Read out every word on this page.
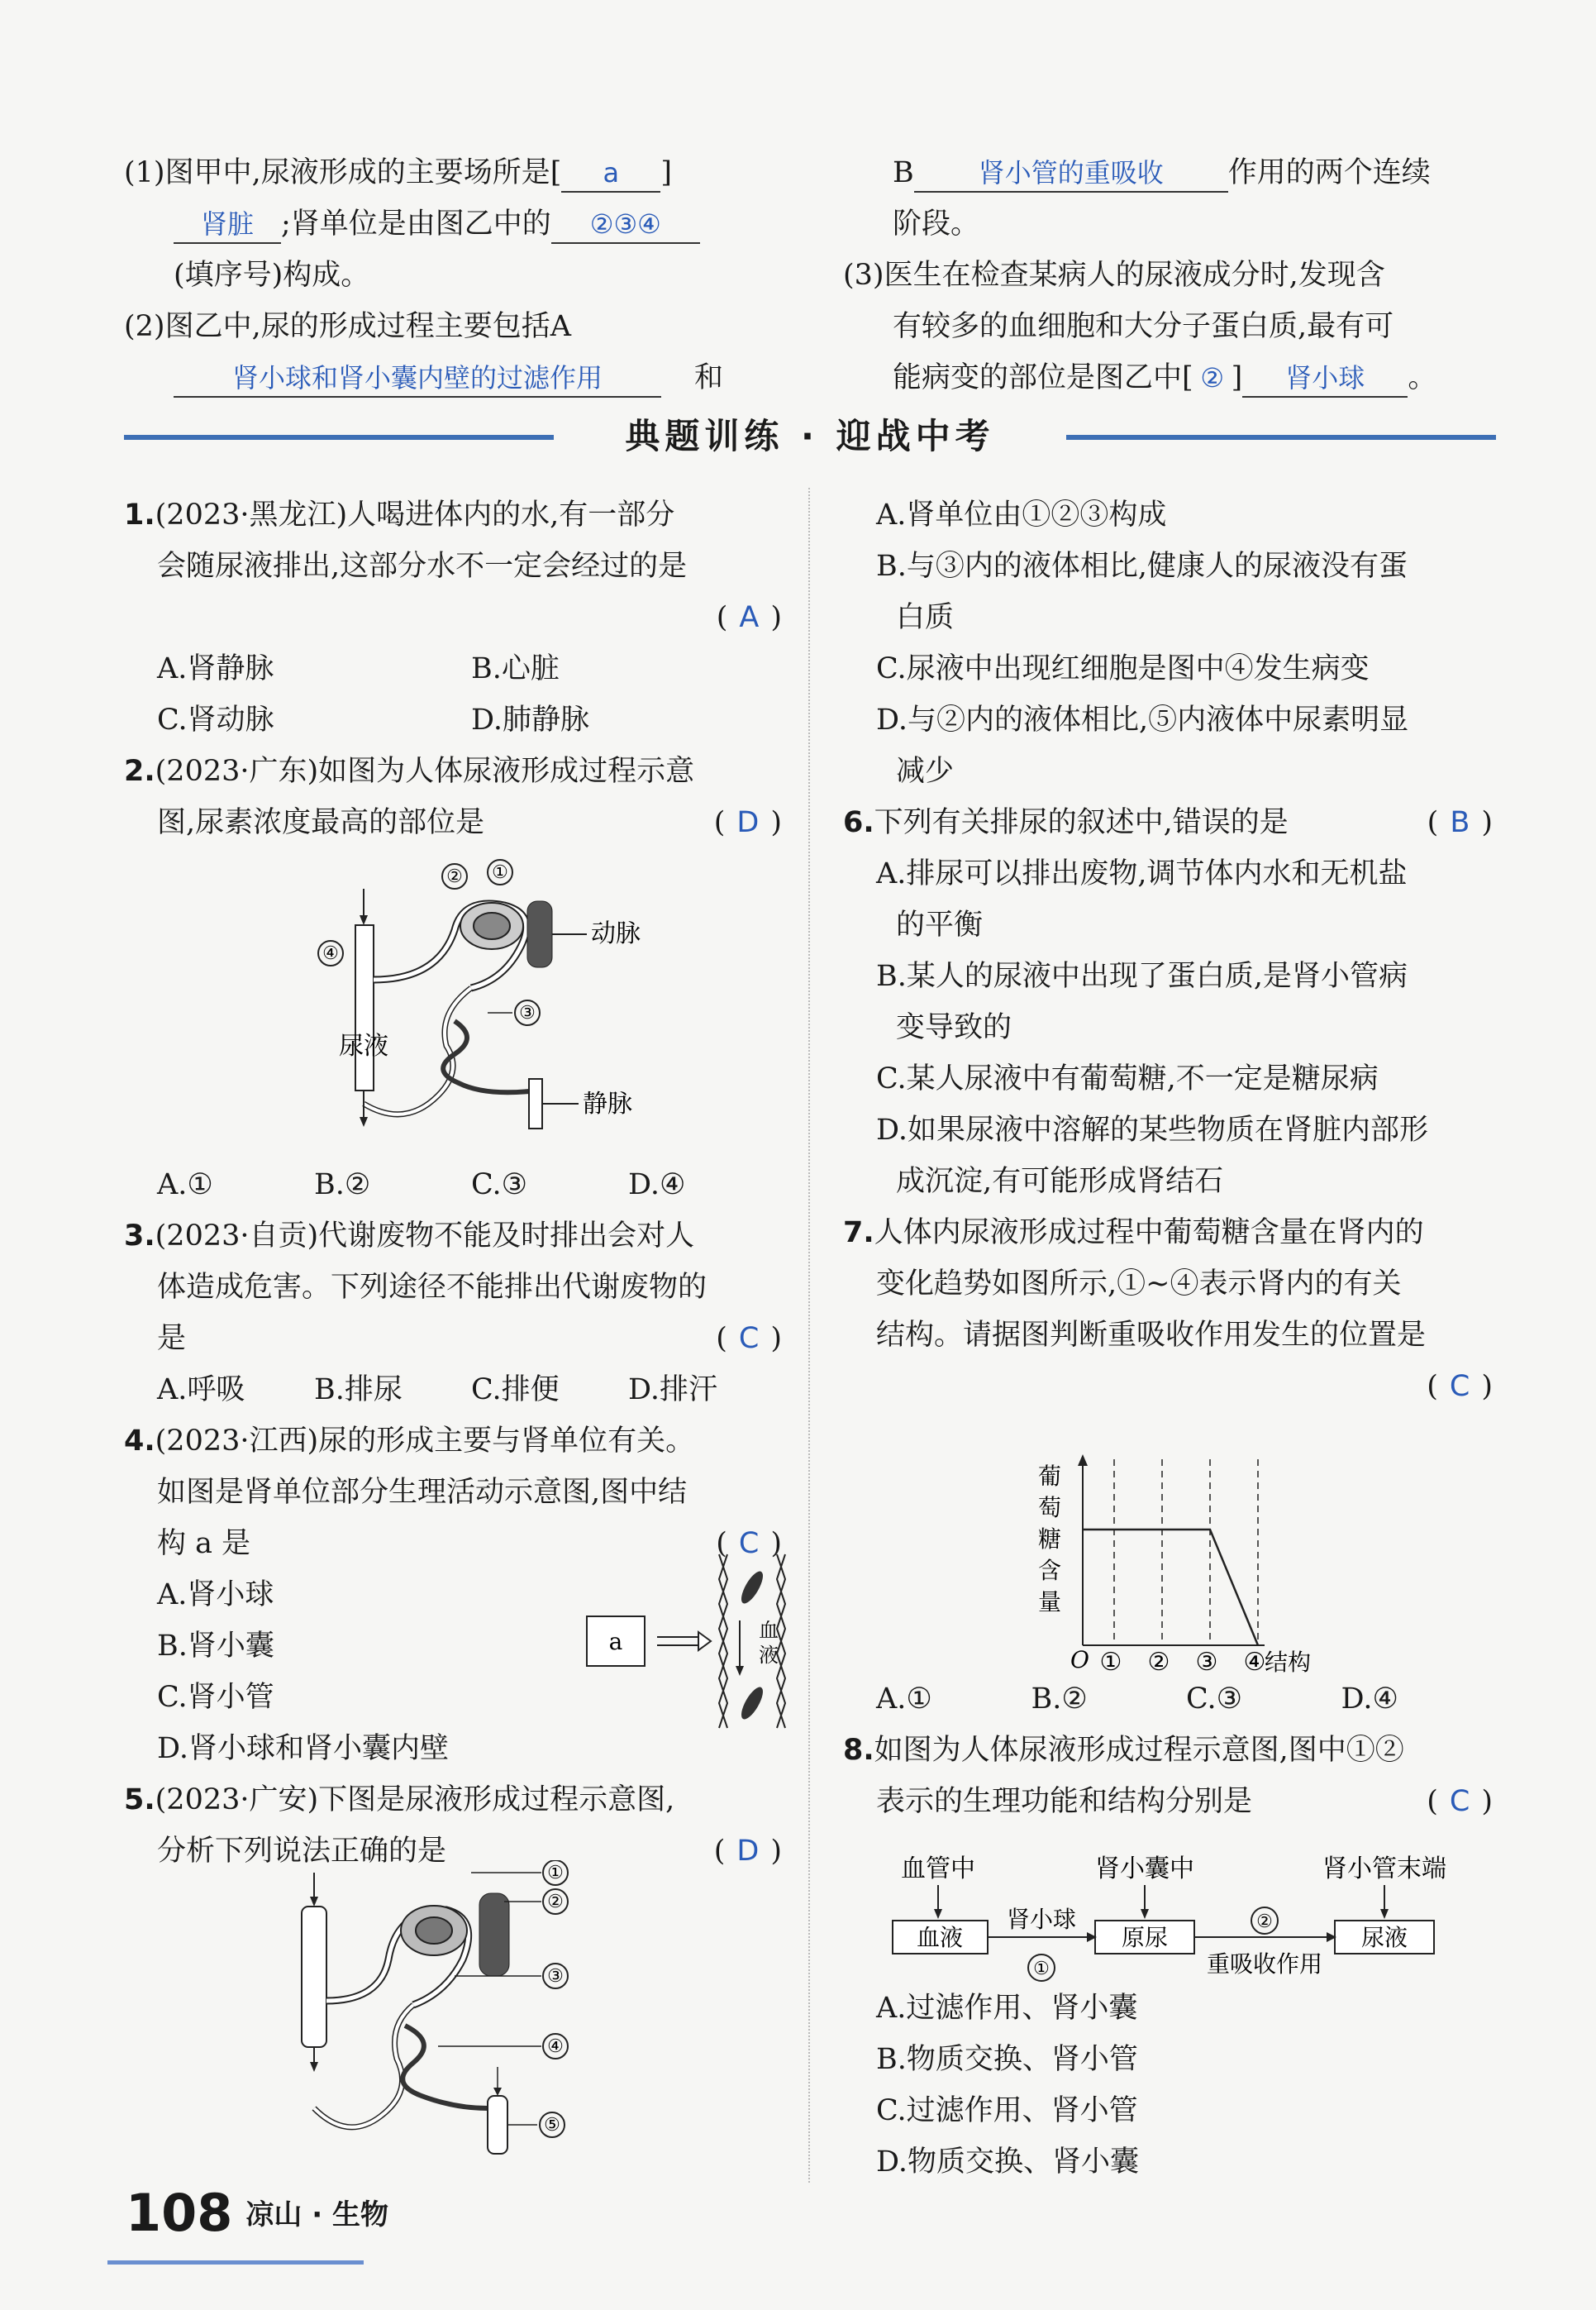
(1)图甲中,尿液形成的主要场所是[ a ]

肾脏 ;肾单位是由图乙中的 ②③④

(填序号)构成。

(2)图乙中,尿的形成过程主要包括A

肾小球和肾小囊内壁的过滤作用	和

B 肾小管的重吸收 作用的两个连续

阶段。

(3)医生在检查某病人的尿液成分时,发现含

有较多的血细胞和大分子蛋白质,最有可

能病变的部位是图乙中[ ② ] 肾小球 。

典题训练 · 迎战中考

1.(2023·黑龙江)人喝进体内的水,有一部分

会随尿液排出,这部分水不一定会经过的是

( A )

A.肾静脉	B.心脏
C.肾动脉	D.肺静脉

2.(2023·广东)如图为人体尿液形成过程示意

图,尿素浓度最高的部位是	( D )

A.①	B.②	C.③	D.④

3.(2023·自贡)代谢废物不能及时排出会对人

体造成危害。下列途径不能排出代谢废物的

是	( C )

A.呼吸	B.排尿	C.排便	D.排汗

4.(2023·江西)尿的形成主要与肾单位有关。

如图是肾单位部分生理活动示意图,图中结

构 a 是	( C )

A.肾小球

B.肾小囊

C.肾小管

D.肾小球和肾小囊内壁

5.(2023·广安)下图是尿液形成过程示意图,

分析下列说法正确的是	( D )

② ①
④
③
动脉
静脉
尿液
a	血
液
①
②
③
④
⑤

A.肾单位由①②③构成

B.与③内的液体相比,健康人的尿液没有蛋

白质

C.尿液中出现红细胞是图中④发生病变

D.与②内的液体相比,⑤内液体中尿素明显

减少

6.下列有关排尿的叙述中,错误的是	( B )

A.排尿可以排出废物,调节体内水和无机盐

的平衡

B.某人的尿液中出现了蛋白质,是肾小管病

变导致的

C.某人尿液中有葡萄糖,不一定是糖尿病

D.如果尿液中溶解的某些物质在肾脏内部形

成沉淀,有可能形成肾结石

7.人体内尿液形成过程中葡萄糖含量在肾内的

变化趋势如图所示,①~④表示肾内的有关

结构。请据图判断重吸收作用发生的位置是

( C )

A.①	B.②	C.③	D.④

8.如图为人体尿液形成过程示意图,图中①②

表示的生理功能和结构分别是	( C )

A.过滤作用、肾小囊

B.物质交换、肾小管

C.过滤作用、肾小管

D.物质交换、肾小囊

O	结构
① ② ③ ④
葡
萄
糖
含
量
血管中	肾小囊中	肾小管末端
血液	原尿	尿液
肾小球
①
②
重吸收作用
108 凉山 · 生物
